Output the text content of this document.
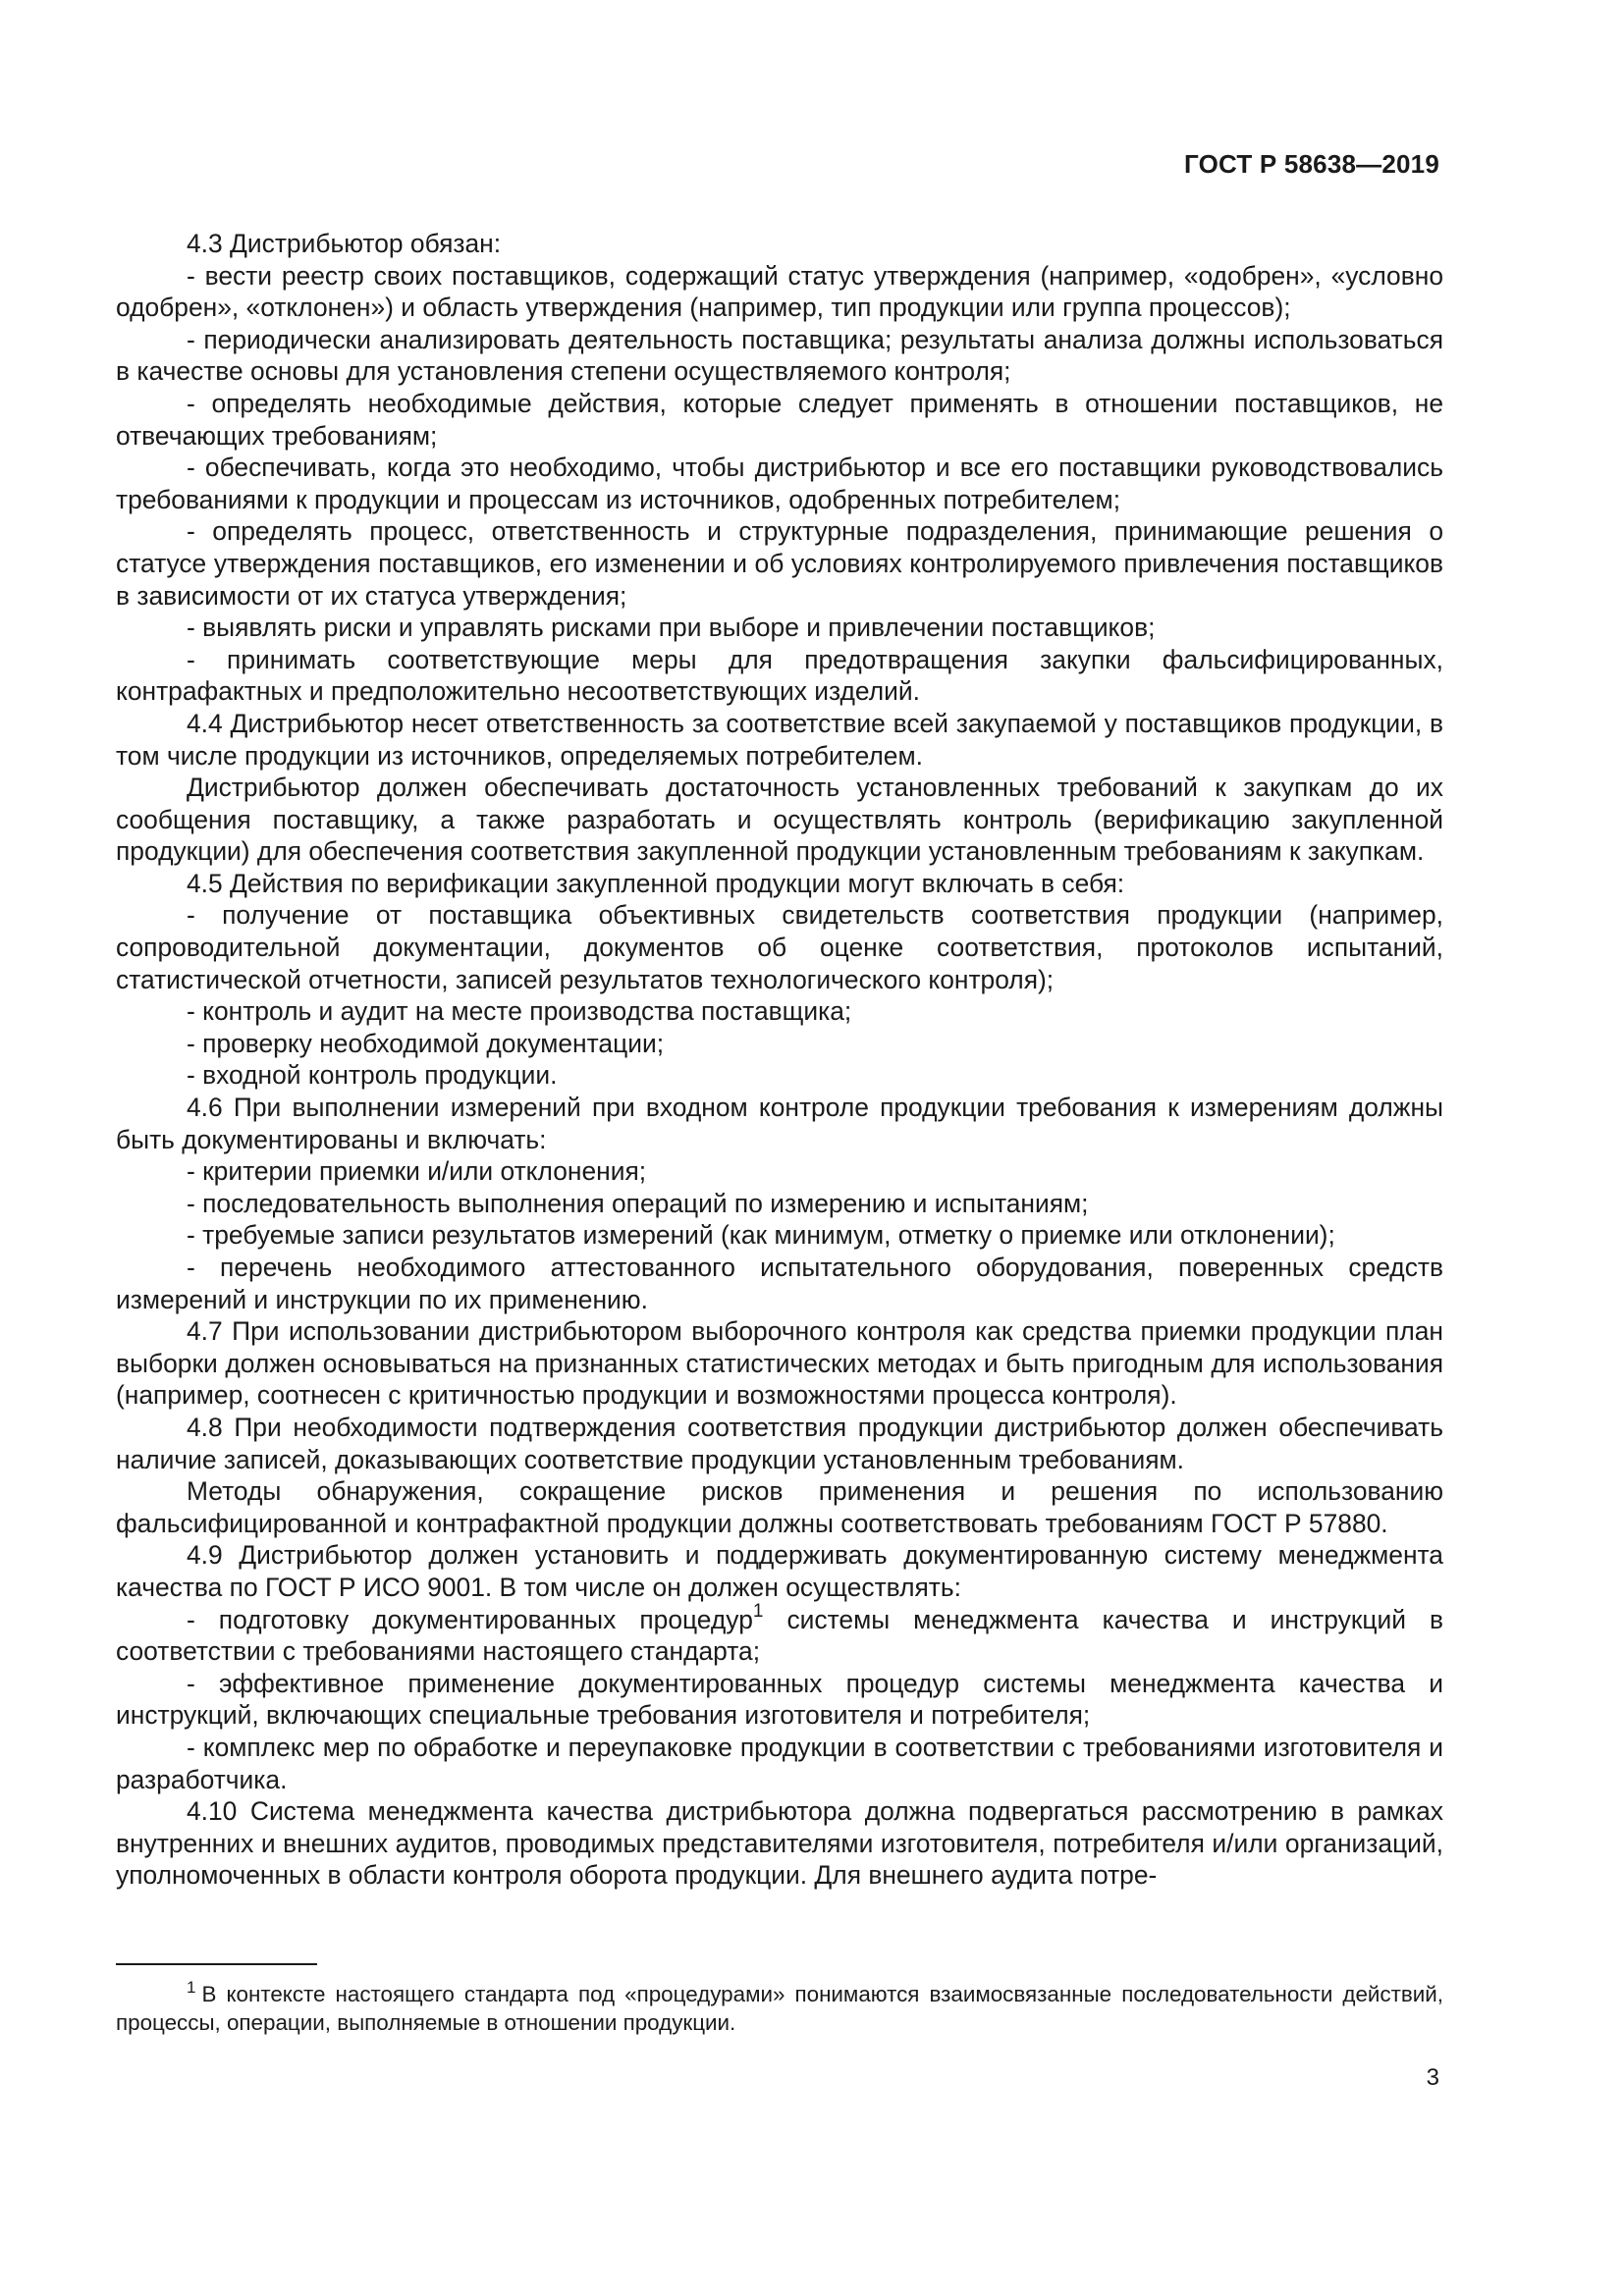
ГОСТ Р 58638—2019

4.3 Дистрибьютор обязан:

- вести реестр своих поставщиков, содержащий статус утверждения (например, «одобрен», «условно одобрен», «отклонен») и область утверждения (например, тип продукции или группа процессов);

- периодически анализировать деятельность поставщика; результаты анализа должны использоваться в качестве основы для установления степени осуществляемого контроля;

- определять необходимые действия, которые следует применять в отношении поставщиков, не отвечающих требованиям;

- обеспечивать, когда это необходимо, чтобы дистрибьютор и все его поставщики руководствовались требованиями к продукции и процессам из источников, одобренных потребителем;

- определять процесс, ответственность и структурные подразделения, принимающие решения о статусе утверждения поставщиков, его изменении и об условиях контролируемого привлечения поставщиков в зависимости от их статуса утверждения;

- выявлять риски и управлять рисками при выборе и привлечении поставщиков;

- принимать соответствующие меры для предотвращения закупки фальсифицированных, контрафактных и предположительно несоответствующих изделий.

4.4 Дистрибьютор несет ответственность за соответствие всей закупаемой у поставщиков продукции, в том числе продукции из источников, определяемых потребителем.

Дистрибьютор должен обеспечивать достаточность установленных требований к закупкам до их сообщения поставщику, а также разработать и осуществлять контроль (верификацию закупленной продукции) для обеспечения соответствия закупленной продукции установленным требованиям к закупкам.

4.5 Действия по верификации закупленной продукции могут включать в себя:

- получение от поставщика объективных свидетельств соответствия продукции (например, сопроводительной документации, документов об оценке соответствия, протоколов испытаний, статистической отчетности, записей результатов технологического контроля);

- контроль и аудит на месте производства поставщика;

- проверку необходимой документации;

- входной контроль продукции.

4.6 При выполнении измерений при входном контроле продукции требования к измерениям должны быть документированы и включать:

- критерии приемки и/или отклонения;

- последовательность выполнения операций по измерению и испытаниям;

- требуемые записи результатов измерений (как минимум, отметку о приемке или отклонении);

- перечень необходимого аттестованного испытательного оборудования, поверенных средств измерений и инструкции по их применению.

4.7 При использовании дистрибьютором выборочного контроля как средства приемки продукции план выборки должен основываться на признанных статистических методах и быть пригодным для использования (например, соотнесен с критичностью продукции и возможностями процесса контроля).

4.8 При необходимости подтверждения соответствия продукции дистрибьютор должен обеспечивать наличие записей, доказывающих соответствие продукции установленным требованиям.

Методы обнаружения, сокращение рисков применения и решения по использованию фальсифицированной и контрафактной продукции должны соответствовать требованиям ГОСТ Р 57880.

4.9 Дистрибьютор должен установить и поддерживать документированную систему менеджмента качества по ГОСТ Р ИСО 9001. В том числе он должен осуществлять:

- подготовку документированных процедур$^1$ системы менеджмента качества и инструкций в соответствии с требованиями настоящего стандарта;

- эффективное применение документированных процедур системы менеджмента качества и инструкций, включающих специальные требования изготовителя и потребителя;

- комплекс мер по обработке и переупаковке продукции в соответствии с требованиями изготовителя и разработчика.

4.10 Система менеджмента качества дистрибьютора должна подвергаться рассмотрению в рамках внутренних и внешних аудитов, проводимых представителями изготовителя, потребителя и/или организаций, уполномоченных в области контроля оборота продукции. Для внешнего аудита потре-

$^1$ В контексте настоящего стандарта под «процедурами» понимаются взаимосвязанные последовательности действий, процессы, операции, выполняемые в отношении продукции.

3
